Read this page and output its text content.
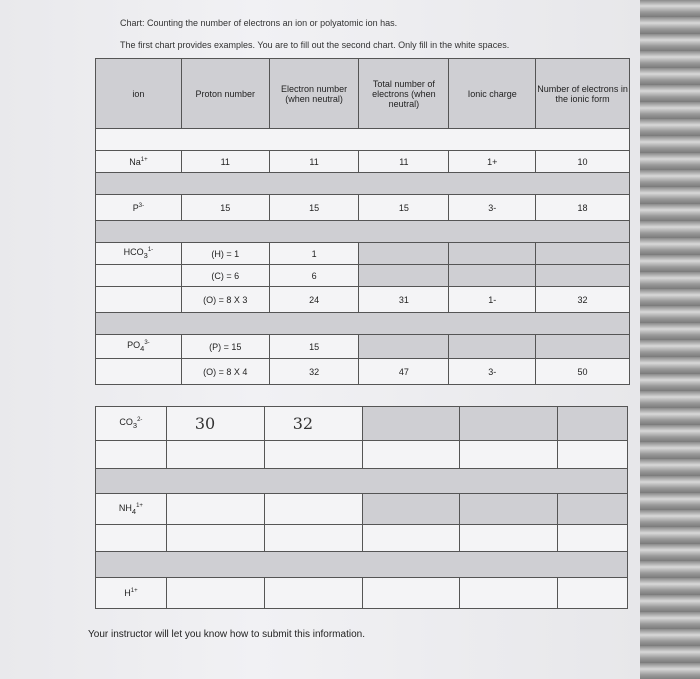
Chart: Counting the number of electrons an ion or polyatomic ion has.
The first chart provides examples. You are to fill out the second chart. Only fill in the white spaces.
ion	Proton number	Electron number (when neutral)	Total number of electrons (when neutral)	Ionic charge	Number of electrons in the ionic form

$Na^{1+}$	11	11	11	1+	10

$P^{3-}$	15	15	15	3-	18

$HCO_3^{1-}$	(H) = 1	1			
	(C) = 6	6			
	(O) = 8 X 3	24	31	1-	32

$PO_4^{3-}$	(P) = 15	15			
	(O) = 8 X 4	32	47	3-	50
$CO_3^{2-}$	30	32			

$NH_4^{1+}$					

$H^{1+}$					
Your instructor will let you know how to submit this information.
